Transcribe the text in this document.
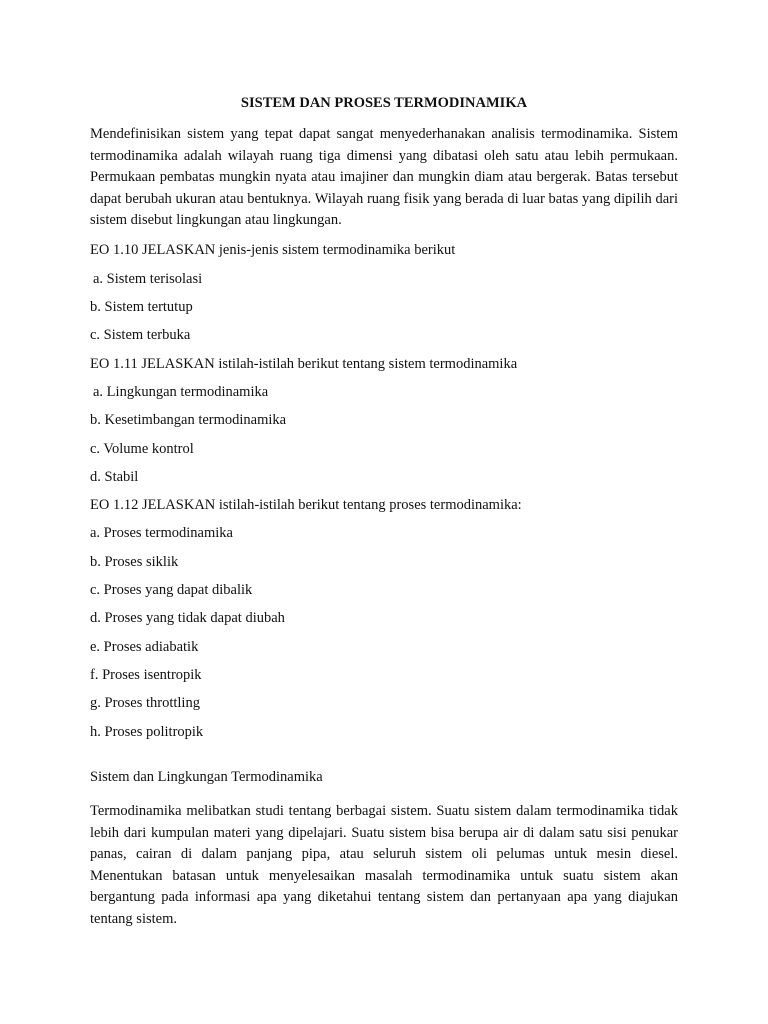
SISTEM DAN PROSES TERMODINAMIKA

Mendefinisikan sistem yang tepat dapat sangat menyederhanakan analisis termodinamika. Sistem termodinamika adalah wilayah ruang tiga dimensi yang dibatasi oleh satu atau lebih permukaan. Permukaan pembatas mungkin nyata atau imajiner dan mungkin diam atau bergerak. Batas tersebut dapat berubah ukuran atau bentuknya. Wilayah ruang fisik yang berada di luar batas yang dipilih dari sistem disebut lingkungan atau lingkungan.

EO 1.10 JELASKAN jenis-jenis sistem termodinamika berikut

a. Sistem terisolasi

b. Sistem tertutup

c. Sistem terbuka

EO 1.11 JELASKAN istilah-istilah berikut tentang sistem termodinamika

a. Lingkungan termodinamika

b. Kesetimbangan termodinamika

c. Volume kontrol

d. Stabil

EO 1.12 JELASKAN istilah-istilah berikut tentang proses termodinamika:

a. Proses termodinamika

b. Proses siklik

c. Proses yang dapat dibalik

d. Proses yang tidak dapat diubah

e. Proses adiabatik

f. Proses isentropik

g. Proses throttling

h. Proses politropik

Sistem dan Lingkungan Termodinamika

Termodinamika melibatkan studi tentang berbagai sistem. Suatu sistem dalam termodinamika tidak lebih dari kumpulan materi yang dipelajari. Suatu sistem bisa berupa air di dalam satu sisi penukar panas, cairan di dalam panjang pipa, atau seluruh sistem oli pelumas untuk mesin diesel. Menentukan batasan untuk menyelesaikan masalah termodinamika untuk suatu sistem akan bergantung pada informasi apa yang diketahui tentang sistem dan pertanyaan apa yang diajukan tentang sistem.
